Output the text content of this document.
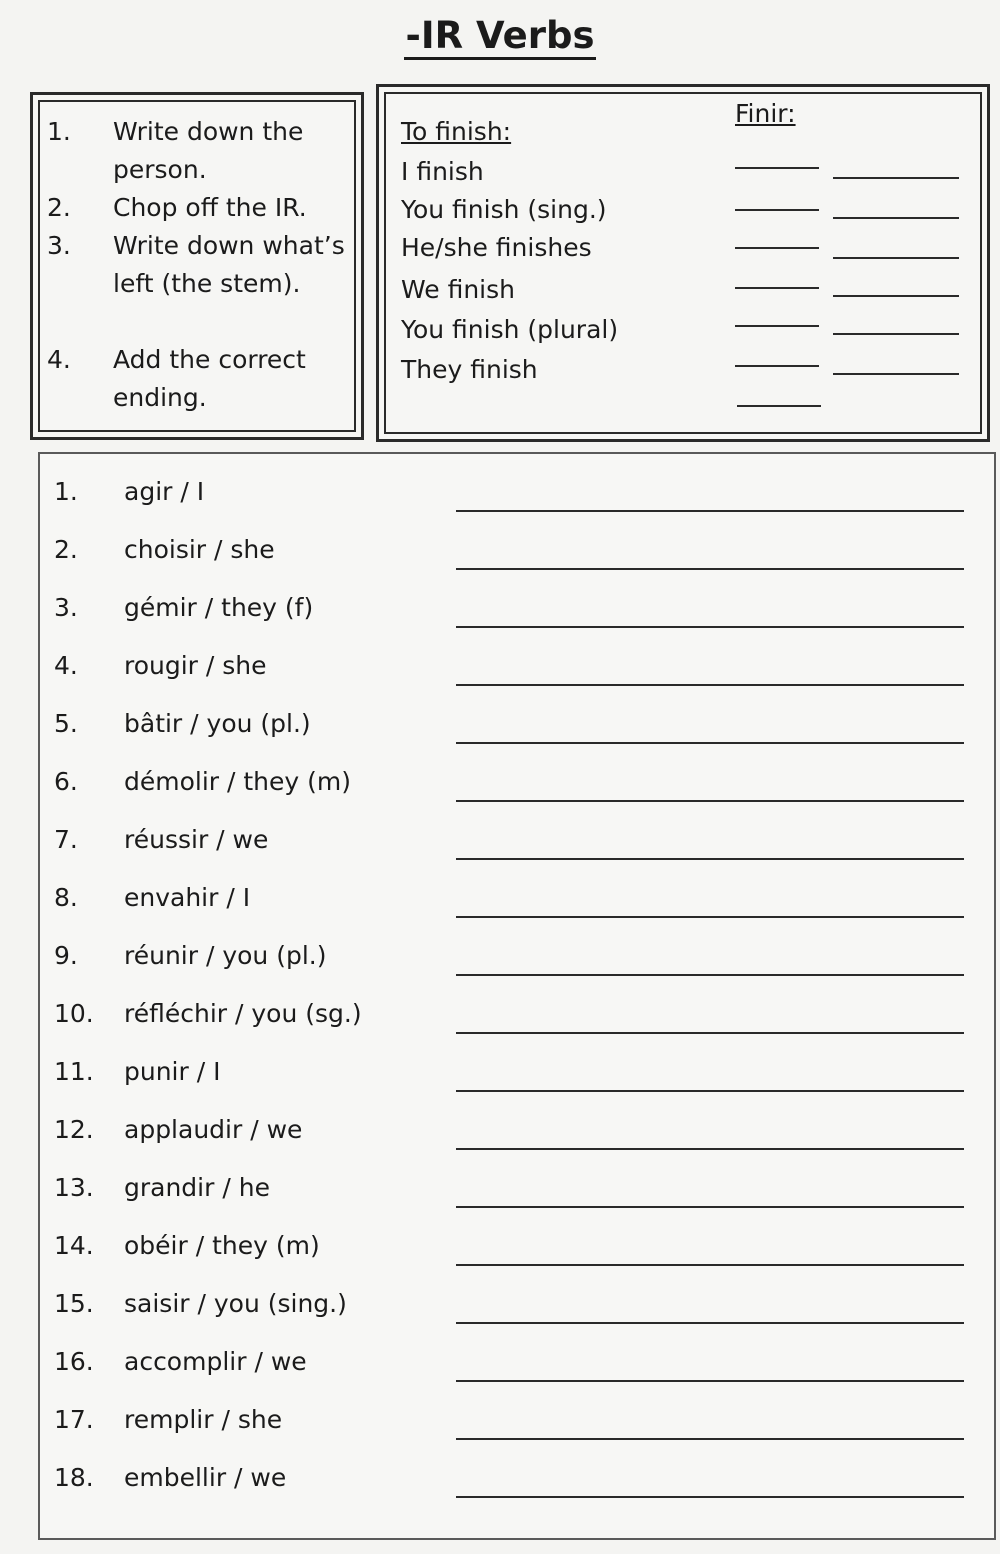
-IR Verbs
1. Write down the person.
2. Chop off the IR.
3. Write down what’s left (the stem).
4. Add the correct ending.
To finish:
Finir:
I finish
You finish (sing.)
He/she finishes
We finish
You finish (plural)
They finish
1. agir / I
2. choisir / she
3. gémir / they (f)
4. rougir / she
5. bâtir / you (pl.)
6. démolir / they (m)
7. réussir / we
8. envahir / I
9. réunir / you (pl.)
10. réfléchir / you (sg.)
11. punir / I
12. applaudir / we
13. grandir / he
14. obéir / they (m)
15. saisir / you (sing.)
16. accomplir / we
17. remplir / she
18. embellir / we
